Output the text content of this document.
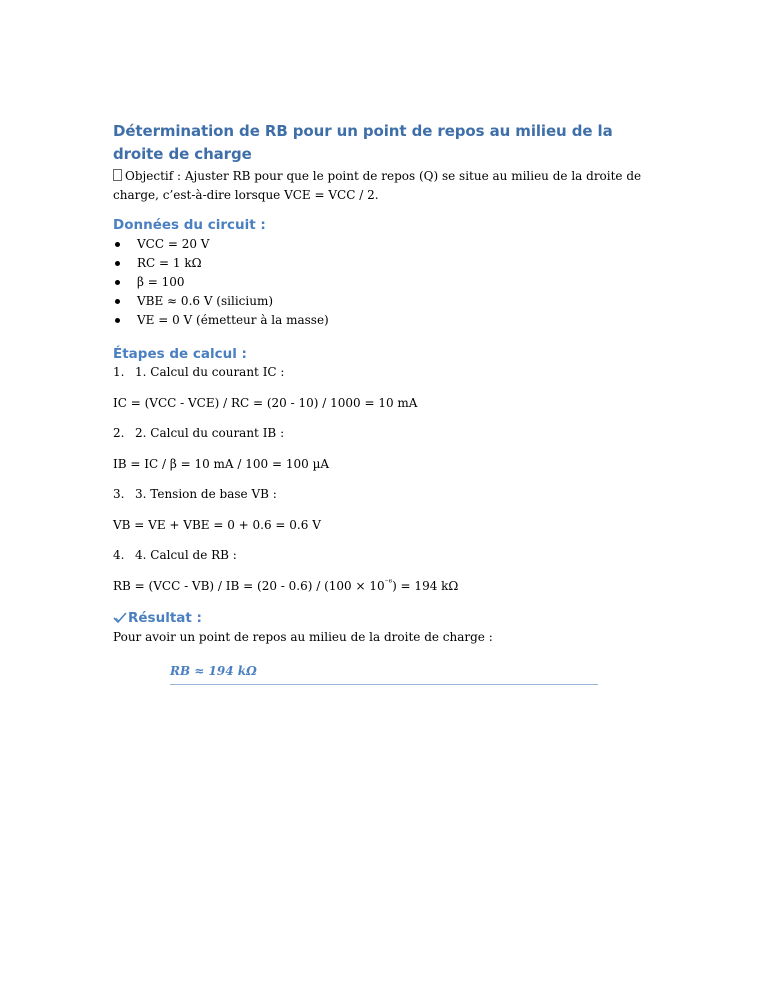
Détermination de RB pour un point de repos au milieu de la droite de charge

Objectif : Ajuster RB pour que le point de repos (Q) se situe au milieu de la droite de charge, c’est-à-dire lorsque VCE = VCC / 2.

Données du circuit :
VCC = 20 V
RC = 1 kΩ
β = 100
VBE ≈ 0.6 V (silicium)
VE = 0 V (émetteur à la masse)
Étapes de calcul :
1. 1. Calcul du courant IC :

IC = (VCC - VCE) / RC = (20 - 10) / 1000 = 10 mA

2. 2. Calcul du courant IB :

IB = IC / β = 10 mA / 100 = 100 µA

3. 3. Tension de base VB :

VB = VE + VBE = 0 + 0.6 = 0.6 V

4. 4. Calcul de RB :

RB = (VCC - VB) / IB = $(20 - 0.6) / (100 \times 10^{^{-6}}) = 194$ kΩ

Résultat :

Pour avoir un point de repos au milieu de la droite de charge :

RB ≈ 194 kΩ
